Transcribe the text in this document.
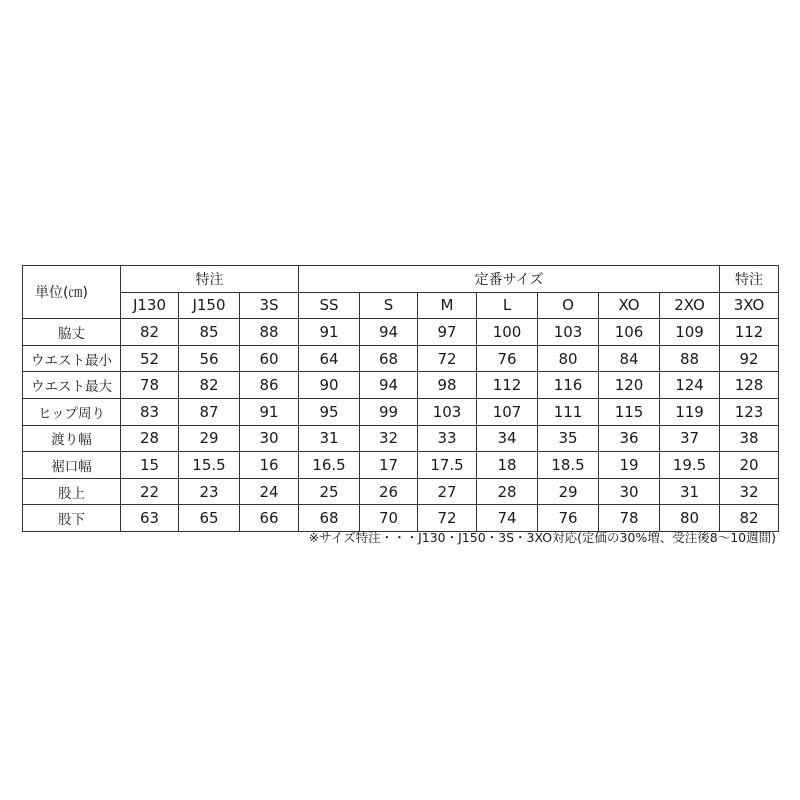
単位(㎝)	特注			定番サイズ							特注
	J130	J150	3S	SS	S	M	L	O	XO	2XO	3XO
脇丈	82	85	88	91	94	97	100	103	106	109	112
ウエスト最小	52	56	60	64	68	72	76	80	84	88	92
ウエスト最大	78	82	86	90	94	98	112	116	120	124	128
ヒップ周り	83	87	91	95	99	103	107	111	115	119	123
渡り幅	28	29	30	31	32	33	34	35	36	37	38
裾口幅	15	15.5	16	16.5	17	17.5	18	18.5	19	19.5	20
股上	22	23	24	25	26	27	28	29	30	31	32
股下	63	65	66	68	70	72	74	76	78	80	82
※サイズ特注・・・J130・J150・3S・3XO対応(定価の30%増、受注後8〜10週間)
